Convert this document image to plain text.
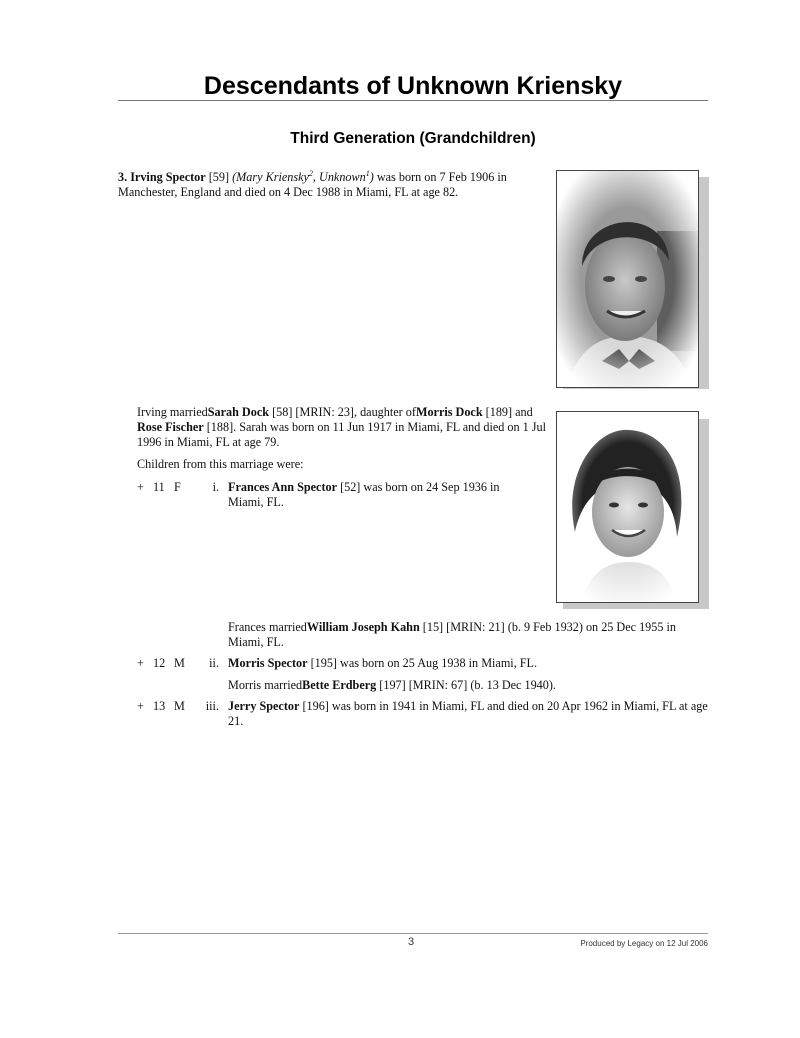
Descendants of Unknown Kriensky
Third Generation (Grandchildren)

3. Irving Spector [59] (Mary Kriensky$^2$, Unknown$^1$) was born on 7 Feb 1906 in Manchester, England and died on 4 Dec 1988 in Miami, FL at age 82.

Irving marriedSarah Dock [58] [MRIN: 23], daughter ofMorris Dock [189] and Rose Fischer [188]. Sarah was born on 11 Jun 1917 in Miami, FL and died on 1 Jul 1996 in Miami, FL at age 79.

Children from this marriage were:

+ 11 F	i. Frances Ann Spector [52] was born on 24 Sep 1936 in Miami, FL.

Frances marriedWilliam Joseph Kahn [15] [MRIN: 21] (b. 9 Feb 1932) on 25 Dec 1955 in Miami, FL.

+ 12 M	ii. Morris Spector [195] was born on 25 Aug 1938 in Miami, FL.

Morris marriedBette Erdberg [197] [MRIN: 67] (b. 13 Dec 1940).

+ 13 M	iii. Jerry Spector [196] was born in 1941 in Miami, FL and died on 20 Apr 1962 in Miami, FL at age 21.
3	Produced by Legacy on 12 Jul 2006
